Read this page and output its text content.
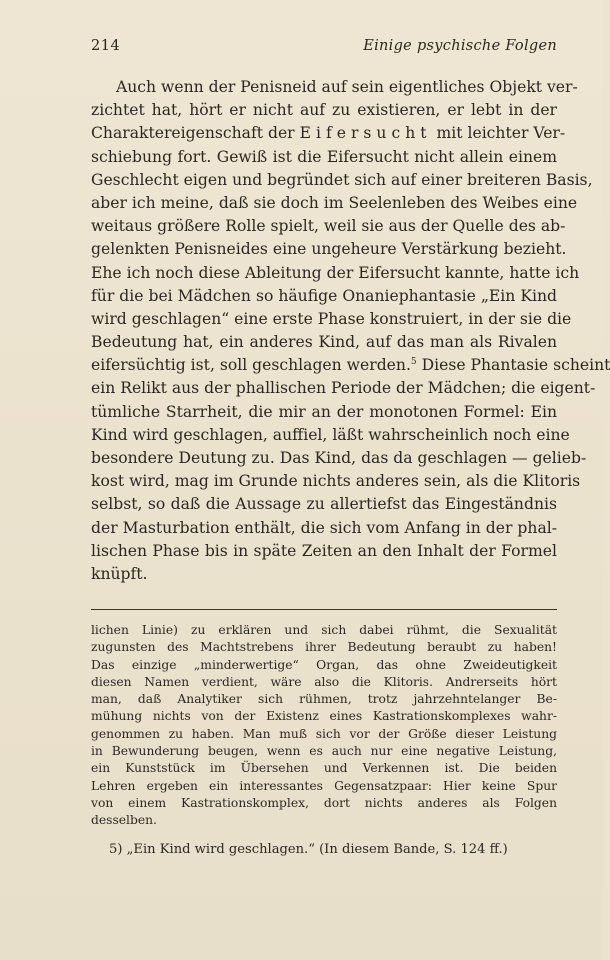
214	Einige psychische Folgen
Auch wenn der Penisneid auf sein eigentliches Objekt ver-
zichtet hat, hört er nicht auf zu existieren, er lebt in der
Charaktereigenschaft der Eifersucht mit leichter Ver-
schiebung fort. Gewiß ist die Eifersucht nicht allein einem
Geschlecht eigen und begründet sich auf einer breiteren Basis,
aber ich meine, daß sie doch im Seelenleben des Weibes eine
weitaus größere Rolle spielt, weil sie aus der Quelle des ab-
gelenkten Penisneides eine ungeheure Verstärkung bezieht.
Ehe ich noch diese Ableitung der Eifersucht kannte, hatte ich
für die bei Mädchen so häufige Onaniephantasie „Ein Kind
wird geschlagen“ eine erste Phase konstruiert, in der sie die
Bedeutung hat, ein anderes Kind, auf das man als Rivalen
eifersüchtig ist, soll geschlagen werden.$^5$ Diese Phantasie scheint
ein Relikt aus der phallischen Periode der Mädchen; die eigent-
tümliche Starrheit, die mir an der monotonen Formel: Ein
Kind wird geschlagen, auffiel, läßt wahrscheinlich noch eine
besondere Deutung zu. Das Kind, das da geschlagen — gelieb-
kost wird, mag im Grunde nichts anderes sein, als die Klitoris
selbst, so daß die Aussage zu allertiefst das Eingeständnis
der Masturbation enthält, die sich vom Anfang in der phal-
lischen Phase bis in späte Zeiten an den Inhalt der Formel
knüpft.
lichen Linie) zu erklären und sich dabei rühmt, die Sexualität
zugunsten des Machtstrebens ihrer Bedeutung beraubt zu haben!
Das einzige „minderwertige“ Organ, das ohne Zweideutigkeit
diesen Namen verdient, wäre also die Klitoris. Andrerseits hört
man, daß Analytiker sich rühmen, trotz jahrzehntelanger Be-
mühung nichts von der Existenz eines Kastrationskomplexes wahr-
genommen zu haben. Man muß sich vor der Größe dieser Leistung
in Bewunderung beugen, wenn es auch nur eine negative Leistung,
ein Kunststück im Übersehen und Verkennen ist. Die beiden
Lehren ergeben ein interessantes Gegensatzpaar: Hier keine Spur
von einem Kastrationskomplex, dort nichts anderes als Folgen
desselben.
5) „Ein Kind wird geschlagen.“ (In diesem Bande, S. 124 ff.)
